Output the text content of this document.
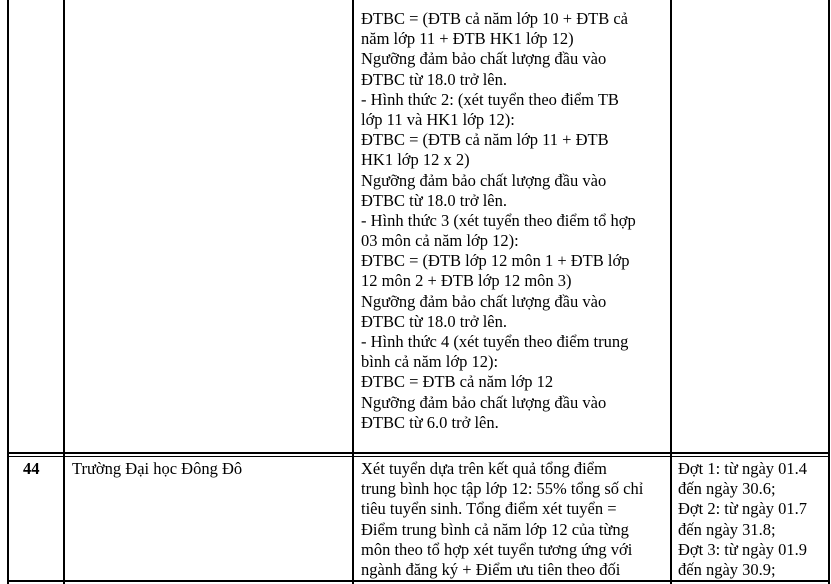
ĐTBC = (ĐTB cả năm lớp 10 + ĐTB cả
năm lớp 11 + ĐTB HK1 lớp 12)
Ngưỡng đảm bảo chất lượng đầu vào
ĐTBC từ 18.0 trở lên.
- Hình thức 2: (xét tuyển theo điểm TB
lớp 11 và HK1 lớp 12):
ĐTBC = (ĐTB cả năm lớp 11 + ĐTB
HK1 lớp 12 x 2)
Ngưỡng đảm bảo chất lượng đầu vào
ĐTBC từ 18.0 trở lên.
- Hình thức 3 (xét tuyển theo điểm tổ hợp
03 môn cả năm lớp 12):
ĐTBC = (ĐTB lớp 12 môn 1 + ĐTB lớp
12 môn 2 + ĐTB lớp 12 môn 3)
Ngưỡng đảm bảo chất lượng đầu vào
ĐTBC từ 18.0 trở lên.
- Hình thức 4 (xét tuyển theo điểm trung
bình cả năm lớp 12):
ĐTBC = ĐTB cả năm lớp 12
Ngưỡng đảm bảo chất lượng đầu vào
ĐTBC từ 6.0 trở lên.
44 Trường Đại học Đông Đô	Xét tuyển dựa trên kết quả tổng điểm
trung bình học tập lớp 12: 55% tổng số chỉ
tiêu tuyển sinh. Tổng điểm xét tuyển =
Điểm trung bình cả năm lớp 12 của từng
môn theo tổ hợp xét tuyển tương ứng với
ngành đăng ký + Điểm ưu tiên theo đối
Đợt 1: từ ngày 01.4
đến ngày 30.6;
Đợt 2: từ ngày 01.7
đến ngày 31.8;
Đợt 3: từ ngày 01.9
đến ngày 30.9;
